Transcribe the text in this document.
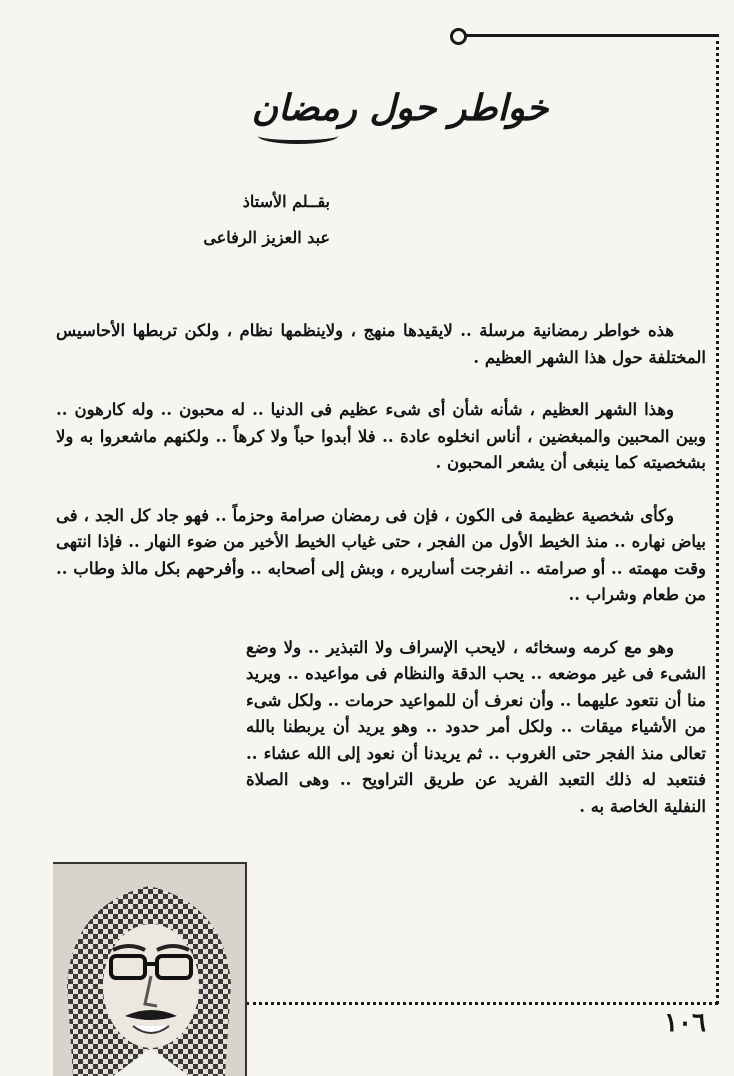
خواطر حول رمضان
بقــلم الأستاذ
عبد العزيز الرفاعى

هذه خواطر رمضانية مرسلة .. لايقيدها منهج ، ولاينظمها نظام ، ولكن تربطها الأحاسيس المختلفة حول هذا الشهر العظيم .

وهذا الشهر العظيم ، شأنه شأن أى شىء عظيم فى الدنيا .. له محبون .. وله كارهون .. وبين المحبين والمبغضين ، أناس انخلوه عادة .. فلا أبدوا حباً ولا كرهاً .. ولكنهم ماشعروا به ولا بشخصيته كما ينبغى أن يشعر المحبون .

وكأى شخصية عظيمة فى الكون ، فإن فى رمضان صرامة وحزماً .. فهو جاد كل الجد ، فى بياض نهاره .. منذ الخيط الأول من الفجر ، حتى غياب الخيط الأخير من ضوء النهار .. فإذا انتهى وقت مهمته .. أو صرامته .. انفرجت أساريره ، وبش إلى أصحابه .. وأفرحهم بكل مالذ وطاب .. من طعام وشراب ..

وهو مع كرمه وسخائه ، لايحب الإسراف ولا التبذير .. ولا وضع الشىء فى غير موضعه .. يحب الدقة والنظام فى مواعيده .. ويريد منا أن نتعود عليهما .. وأن نعرف أن للمواعيد حرمات .. ولكل شىء من الأشياء ميقات .. ولكل أمر حدود .. وهو يريد أن يربطنا بالله تعالى منذ الفجر حتى الغروب .. ثم يريدنا أن نعود إلى الله عشاء .. فنتعبد له ذلك التعبد الفريد عن طريق التراويح .. وهى الصلاة النفلية الخاصة به .

١٠٦
